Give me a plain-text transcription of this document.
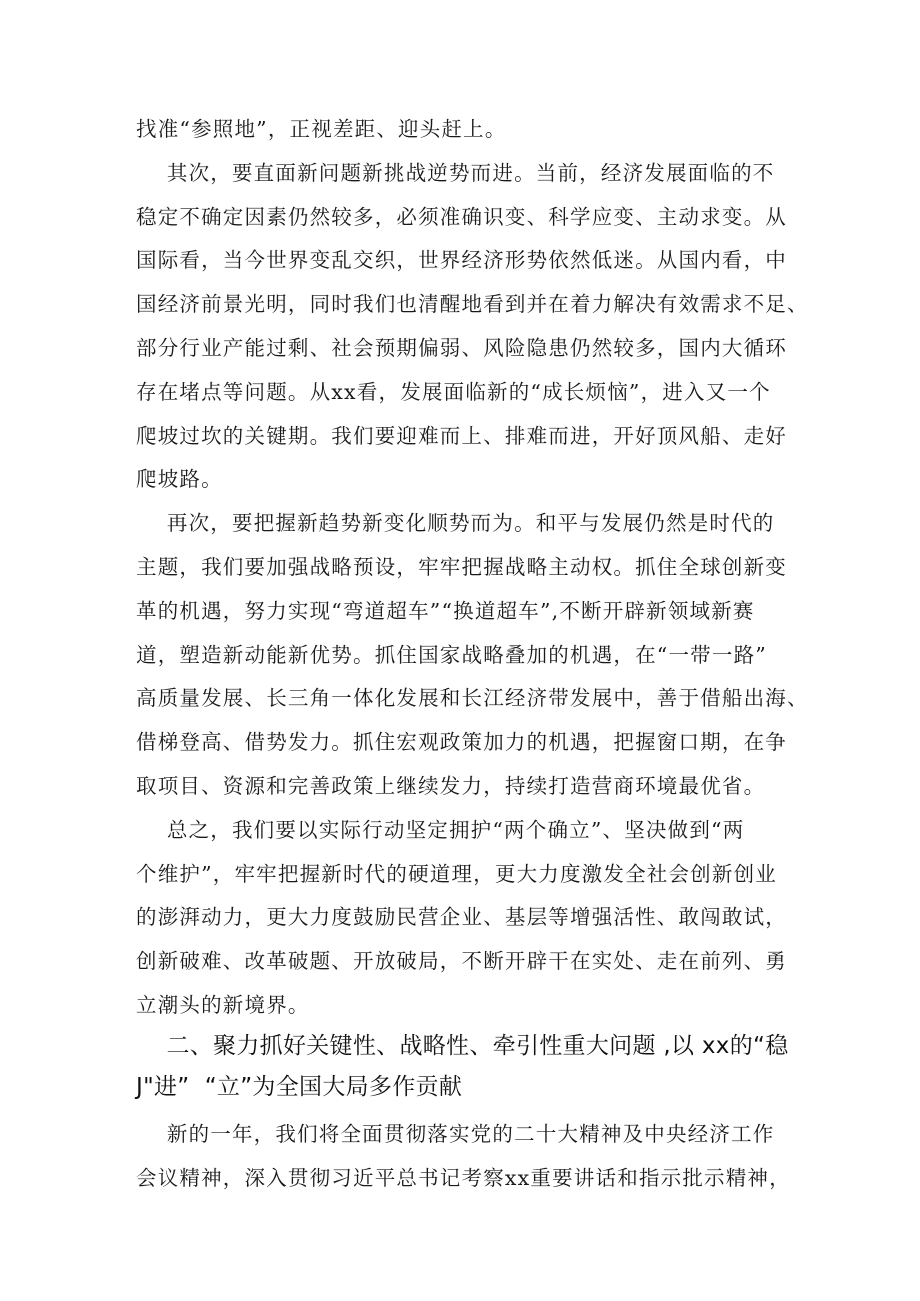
找准“参照地”，正视差距、迎头赶上。
其次，要直面新问题新挑战逆势而进。当前，经济发展面临的不
稳定不确定因素仍然较多，必须准确识变、科学应变、主动求变。从
国际看，当今世界变乱交织，世界经济形势依然低迷。从国内看，中
国经济前景光明，同时我们也清醒地看到并在着力解决有效需求不足、
部分行业产能过剩、社会预期偏弱、风险隐患仍然较多，国内大循环
存在堵点等问题。从xx看，发展面临新的“成长烦恼”，进入又一个
爬坡过坎的关键期。我们要迎难而上、排难而进，开好顶风船、走好
爬坡路。
再次，要把握新趋势新变化顺势而为。和平与发展仍然是时代的
主题，我们要加强战略预设，牢牢把握战略主动权。抓住全球创新变
革的机遇，努力实现“弯道超车”“换道超车”,不断开辟新领域新赛
道，塑造新动能新优势。抓住国家战略叠加的机遇，在“一带一路”
高质量发展、长三角一体化发展和长江经济带发展中，善于借船出海、
借梯登高、借势发力。抓住宏观政策加力的机遇，把握窗口期，在争
取项目、资源和完善政策上继续发力，持续打造营商环境最优省。
总之，我们要以实际行动坚定拥护“两个确立”、坚决做到“两
个维护”，牢牢把握新时代的硬道理，更大力度激发全社会创新创业
的澎湃动力，更大力度鼓励民营企业、基层等增强活性、敢闯敢试，
创新破难、改革破题、开放破局，不断开辟干在实处、走在前列、勇
立潮头的新境界。
二、聚力抓好关键性、战略性、牵引性重大问题 ,以 xx的“稳
J"进”  “立”为全国大局多作贡献
新的一年，我们将全面贯彻落实党的二十大精神及中央经济工作
会议精神，深入贯彻习近平总书记考察xx重要讲话和指示批示精神，
